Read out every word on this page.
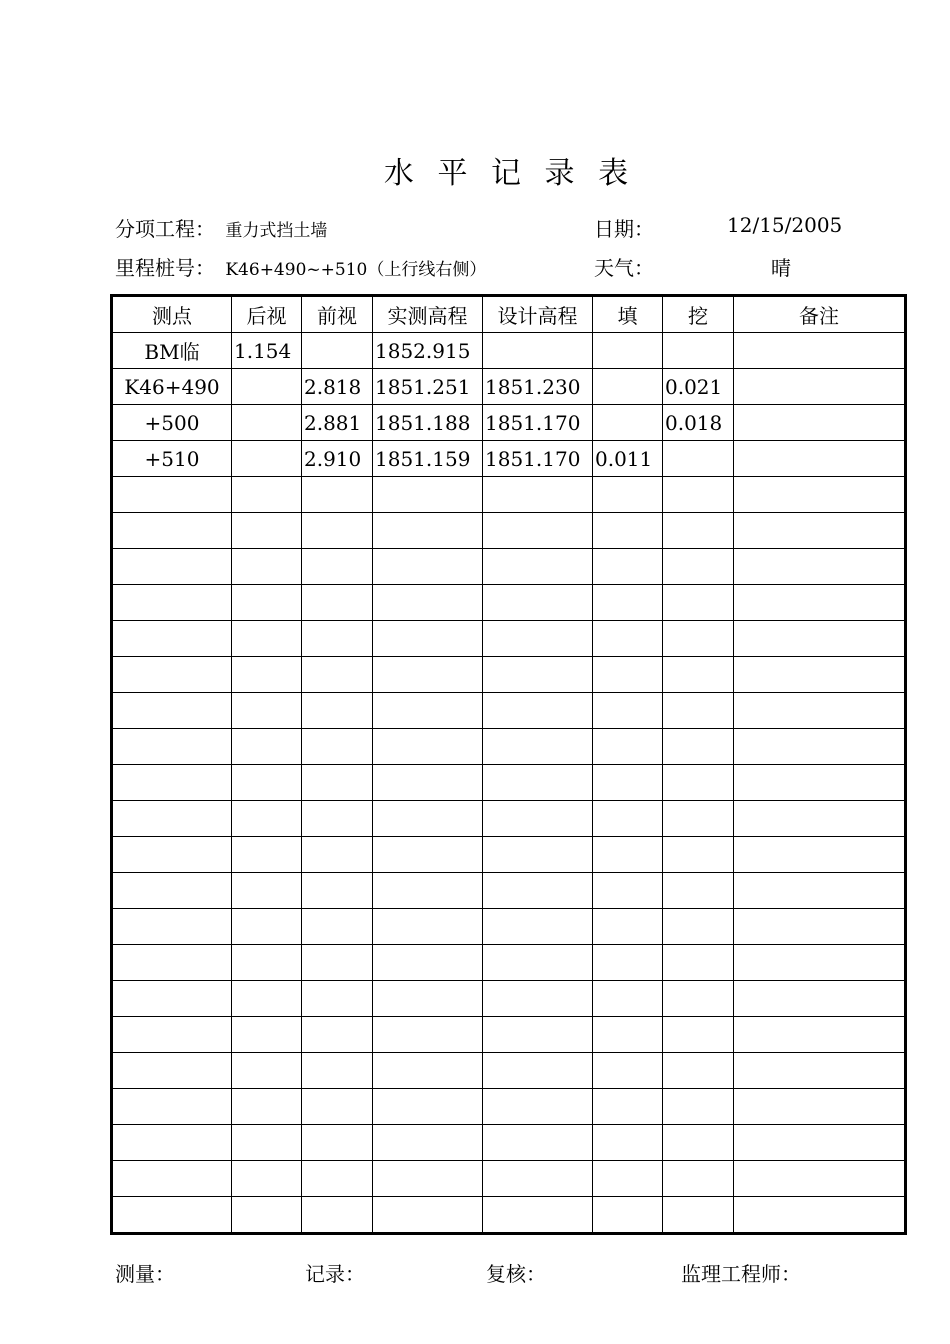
水 平 记 录 表
分项工程： 重力式挡土墙	日期：	12/15/2005
里程桩号： K46+490~+510（上行线右侧）	天气：	晴
测点	后视	前视	实测高程	设计高程	填	挖	备注
BM临	1.154		1852.915				
K46+490		2.818	1851.251	1851.230		0.021	
+500		2.881	1851.188	1851.170		0.018	
+510		2.910	1851.159	1851.170	0.011		

测量：	记录：	复核：	监理工程师：
